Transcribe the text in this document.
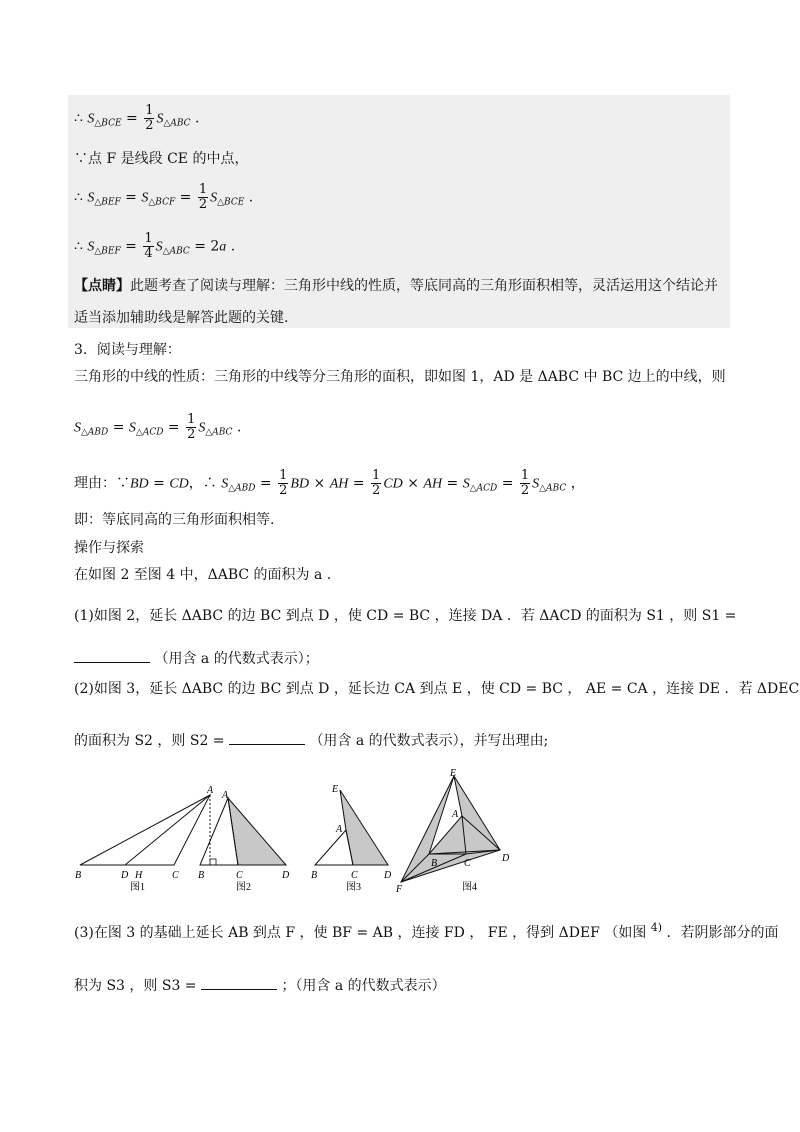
∴ $S_{\triangle BCE} = \frac{1}{2} S_{\triangle ABC}$ .
∵点 F 是线段 CE 的中点，
∴ $S_{\triangle BEF} = S_{\triangle BCF} = \frac{1}{2} S_{\triangle BCE}$ .
∴ $S_{\triangle BEF} = \frac{1}{4} S_{\triangle ABC} = 2a$ .
【点睛】此题考查了阅读与理解：三角形中线的性质，等底同高的三角形面积相等，灵活运用这个结论并
适当添加辅助线是解答此题的关键.
3．阅读与理解：
三角形的中线的性质：三角形的中线等分三角形的面积，即如图 1，AD 是 ΔABC 中 BC 边上的中线，则
$S_{\triangle ABD} = S_{\triangle ACD} = \frac{1}{2} S_{\triangle ABC}$ .
理由：∵BD = CD，∴ $S_{\triangle ABD} = \frac{1}{2}$ BD × AH = $\frac{1}{2}$ CD × AH = $S_{\triangle ACD} = \frac{1}{2} S_{\triangle ABC}$ ，
即：等底同高的三角形面积相等.
操作与探索
在如图 2 至图 4 中，ΔABC 的面积为 a .
(1)如图 2，延长 ΔABC 的边 BC 到点 D ，使 CD = BC ，连接 DA ．若 ΔACD 的面积为 S1 ，则 S1 =
（用含 a 的代数式表示）；
(2)如图 3，延长 ΔABC 的边 BC 到点 D ，延长边 CA 到点 E ，使 CD = BC ， AE = CA ，连接 DE ．若 ΔDEC
的面积为 S2 ，则 S2 =	（用含 a 的代数式表示），并写出理由;
A
B	D H	C
图1
A
B	C	D
图2
E
A
B	C	D
图3
E
A
B	C	D
F	图4
(3)在图 3 的基础上延长 AB 到点 F ，使 BF = AB ，连接 FD ， FE ，得到 ΔDEF （如图 $^{4)}$ ．若阴影部分的面
积为 S3 ，则 S3 =	；（用含 a 的代数式表示）
